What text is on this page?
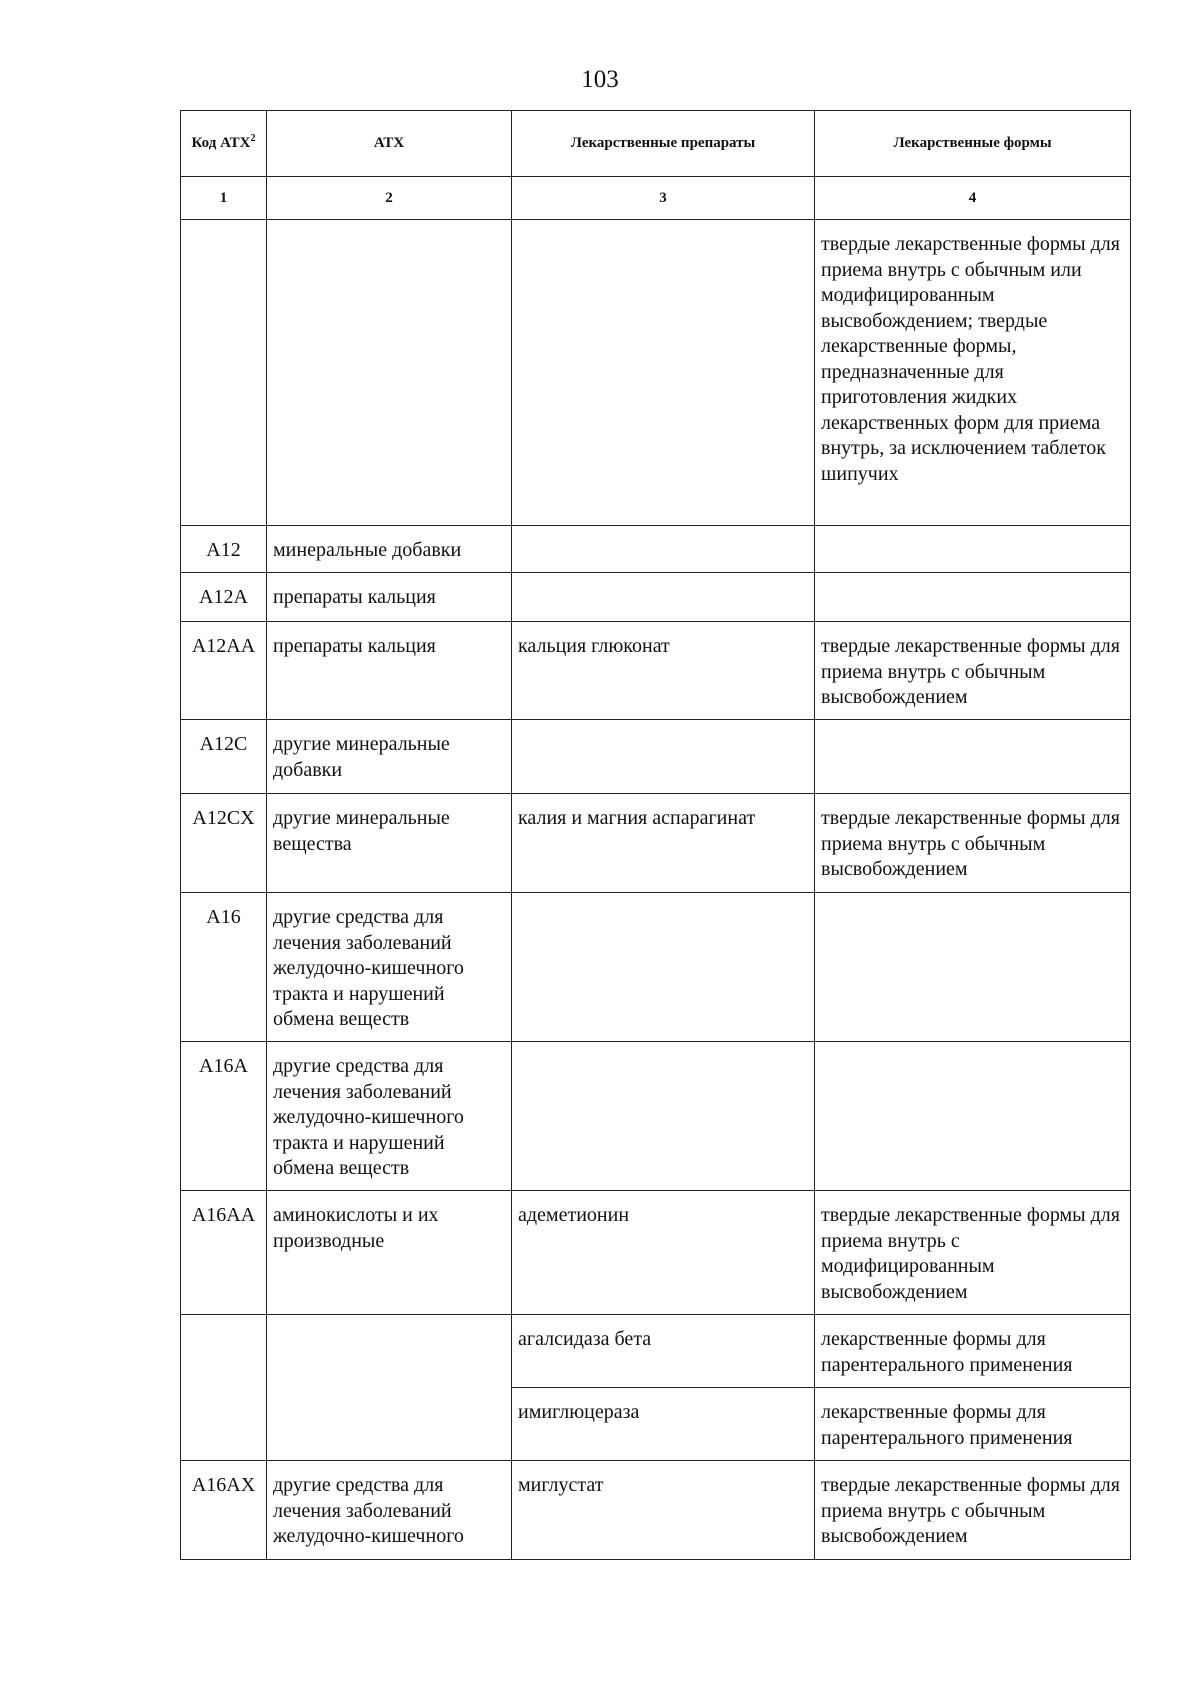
103
Код АТХ$^2$	АТХ	Лекарственные препараты	Лекарственные формы
1	2	3	4

			твердые лекарственные формы для приема внутрь с обычным или модифицированным высвобождением; твердые лекарственные формы, предназначенные для приготовления жидких лекарственных форм для приема внутрь, за исключением таблеток шипучих

A12	минеральные добавки		

A12A	препараты кальция		

A12AA	препараты кальция	кальция глюконат	твердые лекарственные формы для приема внутрь с обычным высвобождением

A12C	другие минеральные добавки		

A12CX	другие минеральные вещества	калия и магния аспарагинат	твердые лекарственные формы для приема внутрь с обычным высвобождением

A16	другие средства для лечения заболеваний желудочно-кишечного тракта и нарушений обмена веществ		

A16A	другие средства для лечения заболеваний желудочно-кишечного тракта и нарушений обмена веществ		

A16AA	аминокислоты и их производные	адеметионин	твердые лекарственные формы для приема внутрь с модифицированным высвобождением

		агалсидаза бета	лекарственные формы для парентерального применения

		имиглюцераза	лекарственные формы для парентерального применения

A16AX	другие средства для лечения заболеваний желудочно-кишечного	миглустат	твердые лекарственные формы для приема внутрь с обычным высвобождением
